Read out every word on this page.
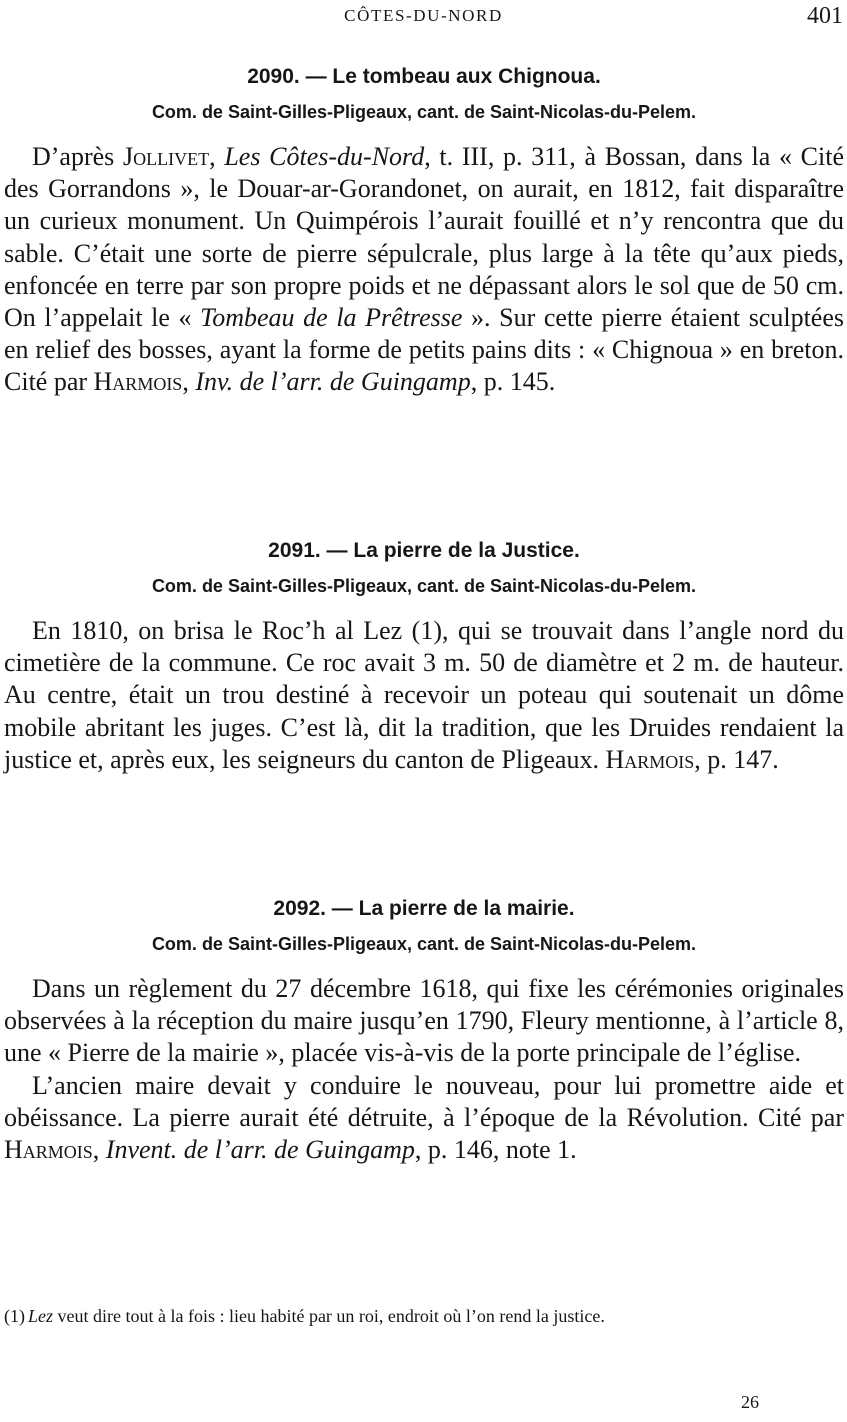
CÔTES-DU-NORD	401
2090. — Le tombeau aux Chignoua.
Com. de Saint-Gilles-Pligeaux, cant. de Saint-Nicolas-du-Pelem.

D’après Jollivet, Les Côtes-du-Nord, t. III, p. 311, à Bossan, dans la « Cité des Gorrandons », le Douar-ar-Gorandonet, on aurait, en 1812, fait disparaître un curieux monument. Un Quimpérois l’aurait fouillé et n’y rencontra que du sable. C’était une sorte de pierre sépulcrale, plus large à la tête qu’aux pieds, enfoncée en terre par son propre poids et ne dépassant alors le sol que de 50 cm. On l’appelait le « Tombeau de la Prêtresse ». Sur cette pierre étaient sculptées en relief des bosses, ayant la forme de petits pains dits : « Chignoua » en breton. Cité par Harmois, Inv. de l’arr. de Guingamp, p. 145.

2091. — La pierre de la Justice.
Com. de Saint-Gilles-Pligeaux, cant. de Saint-Nicolas-du-Pelem.

En 1810, on brisa le Roc’h al Lez (1), qui se trouvait dans l’angle nord du cimetière de la commune. Ce roc avait 3 m. 50 de diamètre et 2 m. de hauteur. Au centre, était un trou destiné à recevoir un poteau qui soutenait un dôme mobile abritant les juges. C’est là, dit la tradition, que les Druides rendaient la justice et, après eux, les seigneurs du canton de Pligeaux. Harmois, p. 147.

2092. — La pierre de la mairie.
Com. de Saint-Gilles-Pligeaux, cant. de Saint-Nicolas-du-Pelem.

Dans un règlement du 27 décembre 1618, qui fixe les cérémonies originales observées à la réception du maire jusqu’en 1790, Fleury mentionne, à l’article 8, une « Pierre de la mairie », placée vis-à-vis de la porte principale de l’église.

L’ancien maire devait y conduire le nouveau, pour lui promettre aide et obéissance. La pierre aurait été détruite, à l’époque de la Révolution. Cité par Harmois, Invent. de l’arr. de Guingamp, p. 146, note 1.

(1) Lez veut dire tout à la fois : lieu habité par un roi, endroit où l’on rend la justice.
26
